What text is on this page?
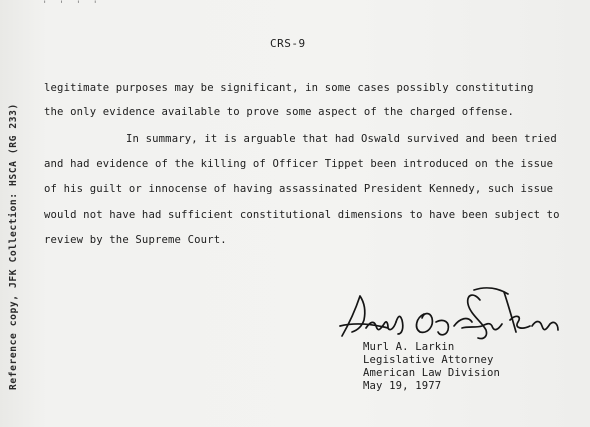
' ' ' '
Reference copy, JFK Collection: HSCA (RG 233)
CRS-9
legitimate purposes may be significant, in some cases possibly constituting
the only evidence available to prove some aspect of the charged offense.
In summary, it is arguable that had Oswald survived and been tried
and had evidence of the killing of Officer Tippet been introduced on the issue
of his guilt or innocense of having assassinated President Kennedy, such issue
would not have had sufficient constitutional dimensions to have been subject to
review by the Supreme Court.
Murl A. Larkin
Legislative Attorney
American Law Division
May 19, 1977
